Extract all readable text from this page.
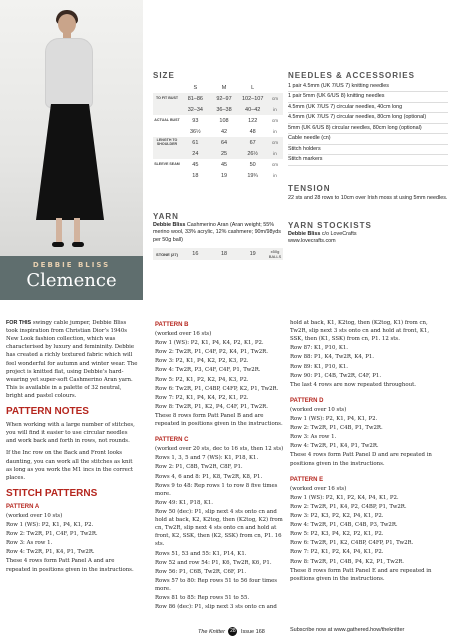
DEBBIE BLISS
Clemence
SIZE
S	M	L
TO FIT BUST	81–86	92–97	102–107	cm
32–34	36–38	40–42	in
ACTUAL BUST	93	108	122	cm
36½	42	48	in
LENGTH TO SHOULDER	61	64	67	cm
24	25	26½	in
SLEEVE SEAM	45	45	50	cm
18	19	19¾	in
YARN
Debbie Bliss Cashmerino Aran (Aran weight; 55% merino wool, 33% acrylic, 12% cashmere; 90m/98yds per 50g ball)
STONE (27)	16	18	19	x50g BALLS
NEEDLES & ACCESSORIES
1 pair 4.5mm (UK 7/US 7) knitting needles
1 pair 5mm (UK 6/US 8) knitting needles
4.5mm (UK 7/US 7) circular needles, 40cm long
4.5mm (UK 7/US 7) circular needles, 80cm long (optional)
5mm (UK 6/US 8) circular needles, 80cm long (optional)
Cable needle (cn)
Stitch holders
Stitch markers
TENSION
22 sts and 28 rows to 10cm over Irish moss st using 5mm needles.
YARN STOCKISTS
Debbie Bliss c/o LoveCrafts
www.lovecrafts.com

FOR THIS swingy cable jumper, Debbie Bliss took inspiration from Christian Dior’s 1940s New Look fashion collection, which was characterised by luxury and femininity. Debbie has created a richly textured fabric which will feel wonderful for autumn and winter wear. The project is knitted flat, using Debbie’s hard-wearing yet super-soft Cashmerino Aran yarn. This is available in a palette of 32 neutral, bright and pastel colours.

PATTERN NOTES

When working with a large number of stitches, you will find it easier to use circular needles and work back and forth in rows, not rounds.

If the Inc row on the Back and Front looks daunting, you can work all the stitches as knit as long as you work the M1 incs in the correct places.

STITCH PATTERNS
PATTERN A
(worked over 10 sts)
Row 1 (WS): P2, K1, P4, K1, P2.
Row 2: Tw2R, P1, C4F, P1, Tw2R.
Row 3: As row 1.
Row 4: Tw2R, P1, K4, P1, Tw2R.
These 4 rows form Patt Panel A and are repeated in positions given in the instructions.
PATTERN B
(worked over 16 sts)
Row 1 (WS): P2, K1, P4, K4, P2, K1, P2.
Row 2: Tw2R, P1, C4F, P2, K4, P1, Tw2R.
Row 3: P2, K1, P4, K2, P2, K3, P2.
Row 4: Tw2R, P3, C4F, C4F, P1, Tw2R.
Row 5: P2, K1, P2, K2, P4, K3, P2.
Row 6: Tw2R, P1, C4BP, C4FP, K2, P1, Tw2R.
Row 7: P2, K1, P4, K4, P2, K1, P2.
Row 8: Tw2R, P1, K2, P4, C4F, P1, Tw2R.
These 8 rows form Patt Panel B and are repeated in positions given in the instructions.
PATTERN C
(worked over 20 sts, dec to 16 sts, then 12 sts)
Rows 1, 3, 5 and 7 (WS): K1, P18, K1.
Row 2: P1, C8B, Tw2R, C8F, P1.
Rows 4, 6 and 8: P1, K8, Tw2R, K8, P1.
Rows 9 to 48: Rep rows 1 to row 8 five times more.
Row 49: K1, P18, K1.
Row 50 (dec): P1, slip next 4 sts onto cn and hold at back, K2, K2tog, then (K2tog, K2) from cn, Tw2R, slip next 4 sts onto cn and hold at front, K2, SSK, then (K2, SSK) from cn, P1. 16 sts.
Rows 51, 53 and 55: K1, P14, K1.
Row 52 and row 54: P1, K6, Tw2R, K6, P1.
Row 56: P1, C6B, Tw2R, C6F, P1.
Rows 57 to 80: Rep rows 51 to 56 four times more.
Rows 81 to 85: Rep rows 51 to 55.
Row 86 (dec): P1, slip next 3 sts onto cn and
hold at back, K1, K2tog, then (K2tog, K1) from cn, Tw2R, slip next 3 sts onto cn and hold at front, K1, SSK, then (K1, SSK) from cn, P1. 12 sts.
Row 87: K1, P10, K1.
Row 88: P1, K4, Tw2R, K4, P1.
Row 89: K1, P10, K1.
Row 90: P1, C4B, Tw2R, C4F, P1.
The last 4 rows are now repeated throughout.
PATTERN D
(worked over 10 sts)
Row 1 (WS): P2, K1, P4, K1, P2.
Row 2: Tw2R, P1, C4B, P1, Tw2R.
Row 3: As row 1.
Row 4: Tw2R, P1, K4, P1, Tw2R.
These 4 rows form Patt Panel D and are repeated in positions given in the instructions.
PATTERN E
(worked over 16 sts)
Row 1 (WS): P2, K1, P2, K4, P4, K1, P2.
Row 2: Tw2R, P1, K4, P2, C4BP, P1, Tw2R.
Row 3: P2, K3, P2, K2, P4, K1, P2.
Row 4: Tw2R, P1, C4B, C4B, P3, Tw2R.
Row 5: P2, K3, P4, K2, P2, K1, P2.
Row 6: Tw2R, P1, K2, C4BP, C4FP, P1, Tw2R.
Row 7: P2, K1, P2, K4, P4, K1, P2.
Row 8: Tw2R, P1, C4B, P4, K2, P1, Tw2R.
These 8 rows form Patt Panel E and are repeated in positions given in the instructions.
The Knitter 28 Issue 168	Subscribe now at www.gathered.how/theknitter
